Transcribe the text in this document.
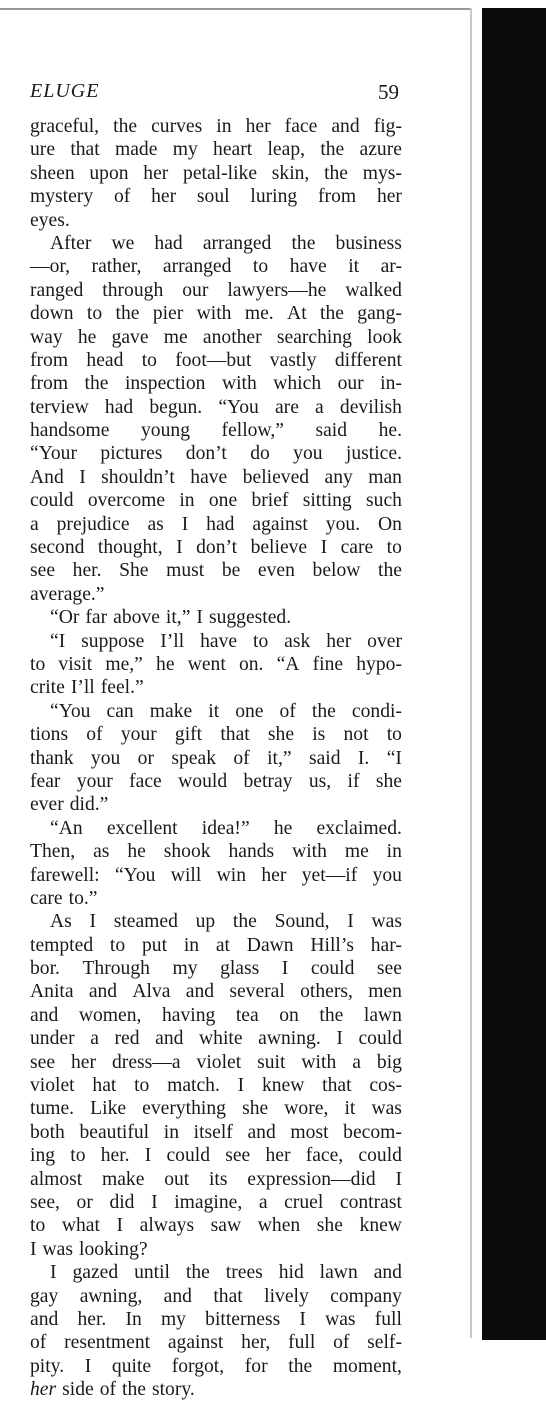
ELUGE	59
graceful, the curves in her face and fig-
ure that made my heart leap, the azure
sheen upon her petal-like skin, the mys-
mystery of her soul luring from her
eyes.
After we had arranged the business
—or, rather, arranged to have it ar-
ranged through our lawyers—he walked
down to the pier with me. At the gang-
way he gave me another searching look
from head to foot—but vastly different
from the inspection with which our in-
terview had begun. “You are a devilish
handsome young fellow,” said he.
“Your pictures don’t do you justice.
And I shouldn’t have believed any man
could overcome in one brief sitting such
a prejudice as I had against you. On
second thought, I don’t believe I care to
see her. She must be even below the
average.”
“Or far above it,” I suggested.
“I suppose I’ll have to ask her over
to visit me,” he went on. “A fine hypo-
crite I’ll feel.”
“You can make it one of the condi-
tions of your gift that she is not to
thank you or speak of it,” said I. “I
fear your face would betray us, if she
ever did.”
“An excellent idea!” he exclaimed.
Then, as he shook hands with me in
farewell: “You will win her yet—if you
care to.”
As I steamed up the Sound, I was
tempted to put in at Dawn Hill’s har-
bor. Through my glass I could see
Anita and Alva and several others, men
and women, having tea on the lawn
under a red and white awning. I could
see her dress—a violet suit with a big
violet hat to match. I knew that cos-
tume. Like everything she wore, it was
both beautiful in itself and most becom-
ing to her. I could see her face, could
almost make out its expression—did I
see, or did I imagine, a cruel contrast
to what I always saw when she knew
I was looking?
I gazed until the trees hid lawn and
gay awning, and that lively company
and her. In my bitterness I was full
of resentment against her, full of self-
pity. I quite forgot, for the moment,
her side of the story.
